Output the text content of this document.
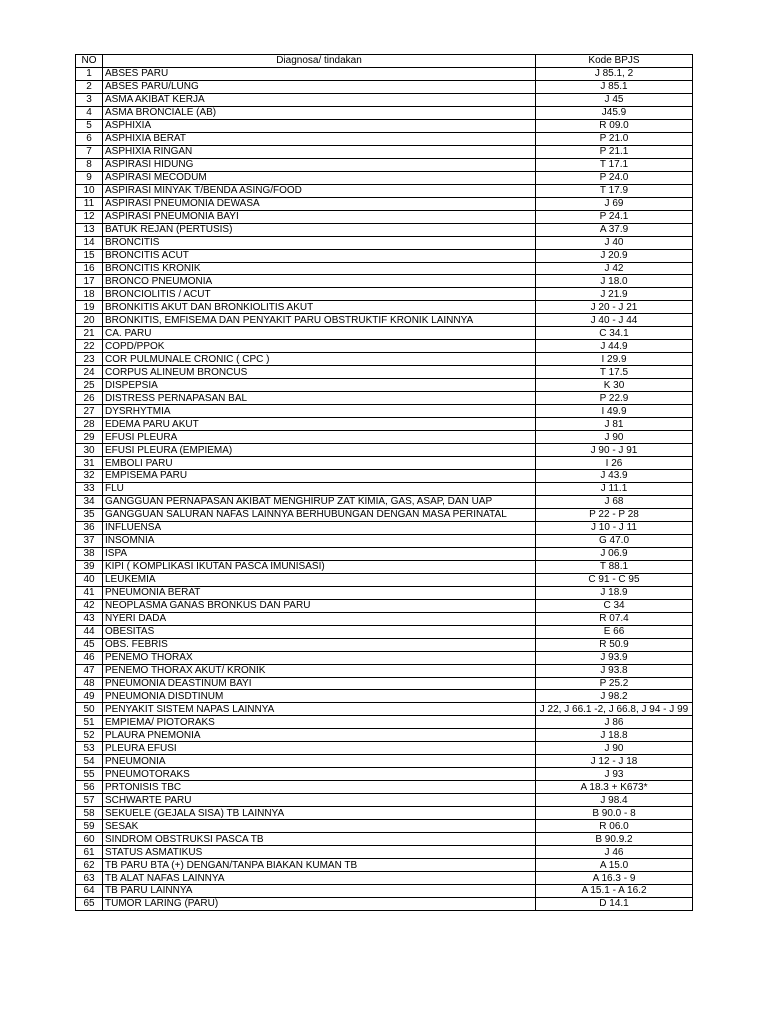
NO	Diagnosa/ tindakan	Kode BPJS
1	ABSES PARU	J 85.1, 2
2	ABSES PARU/LUNG	J 85.1
3	ASMA AKIBAT KERJA	J 45
4	ASMA BRONCIALE (AB)	J45.9
5	ASPHIXIA	R 09.0
6	ASPHIXIA BERAT	P 21.0
7	ASPHIXIA RINGAN	P 21.1
8	ASPIRASI HIDUNG	T 17.1
9	ASPIRASI MECODUM	P 24.0
10	ASPIRASI MINYAK T/BENDA ASING/FOOD	T 17.9
11	ASPIRASI PNEUMONIA DEWASA	J 69
12	ASPIRASI PNEUMONIA BAYI	P 24.1
13	BATUK REJAN (PERTUSIS)	A 37.9
14	BRONCITIS	J 40
15	BRONCITIS ACUT	J 20.9
16	BRONCITIS KRONIK	J 42
17	BRONCO PNEUMONIA	J 18.0
18	BRONCIOLITIS / ACUT	J 21.9
19	BRONKITIS AKUT DAN BRONKIOLITIS AKUT	J 20 - J 21
20	BRONKITIS, EMFISEMA DAN PENYAKIT PARU OBSTRUKTIF KRONIK LAINNYA	J 40 - J 44
21	CA. PARU	C 34.1
22	COPD/PPOK	J 44.9
23	COR PULMUNALE CRONIC ( CPC )	I 29.9
24	CORPUS ALINEUM BRONCUS	T 17.5
25	DISPEPSIA	K 30
26	DISTRESS PERNAPASAN BAL	P 22.9
27	DYSRHYTMIA	I 49.9
28	EDEMA PARU AKUT	J 81
29	EFUSI PLEURA	J 90
30	EFUSI PLEURA (EMPIEMA)	J 90 - J 91
31	EMBOLI PARU	I 26
32	EMPISEMA PARU	J 43.9
33	FLU	J 11.1
34	GANGGUAN PERNAPASAN AKIBAT MENGHIRUP ZAT KIMIA, GAS, ASAP, DAN UAP	J 68
35	GANGGUAN SALURAN NAFAS LAINNYA BERHUBUNGAN DENGAN MASA PERINATAL	P 22 - P 28
36	INFLUENSA	J 10 - J 11
37	INSOMNIA	G 47.0
38	ISPA	J 06.9
39	KIPI ( KOMPLIKASI IKUTAN PASCA IMUNISASI)	T 88.1
40	LEUKEMIA	C 91 - C 95
41	PNEUMONIA BERAT	J 18.9
42	NEOPLASMA GANAS BRONKUS DAN PARU	C 34
43	NYERI DADA	R 07.4
44	OBESITAS	E 66
45	OBS. FEBRIS	R 50.9
46	PENEMO THORAX	J 93.9
47	PENEMO THORAX AKUT/ KRONIK	J 93.8
48	PNEUMONIA DEASTINUM BAYI	P 25.2
49	PNEUMONIA DISDTINUM	J 98.2
50	PENYAKIT SISTEM NAPAS LAINNYA	J 22, J 66.1 -2, J 66.8, J 94 - J 99
51	EMPIEMA/ PIOTORAKS	J 86
52	PLAURA PNEMONIA	J 18.8
53	PLEURA EFUSI	J 90
54	PNEUMONIA	J 12 - J 18
55	PNEUMOTORAKS	J 93
56	PRTONISIS TBC	A 18.3 + K673*
57	SCHWARTE PARU	J 98.4
58	SEKUELE (GEJALA SISA) TB LAINNYA	B 90.0 - 8
59	SESAK	R 06.0
60	SINDROM OBSTRUKSI PASCA TB	B 90.9.2
61	STATUS ASMATIKUS	J 46
62	TB PARU BTA (+) DENGAN/TANPA BIAKAN KUMAN TB	A 15.0
63	TB ALAT NAFAS LAINNYA	A 16.3 - 9
64	TB PARU LAINNYA	A 15.1 - A 16.2
65	TUMOR LARING (PARU)	D 14.1
